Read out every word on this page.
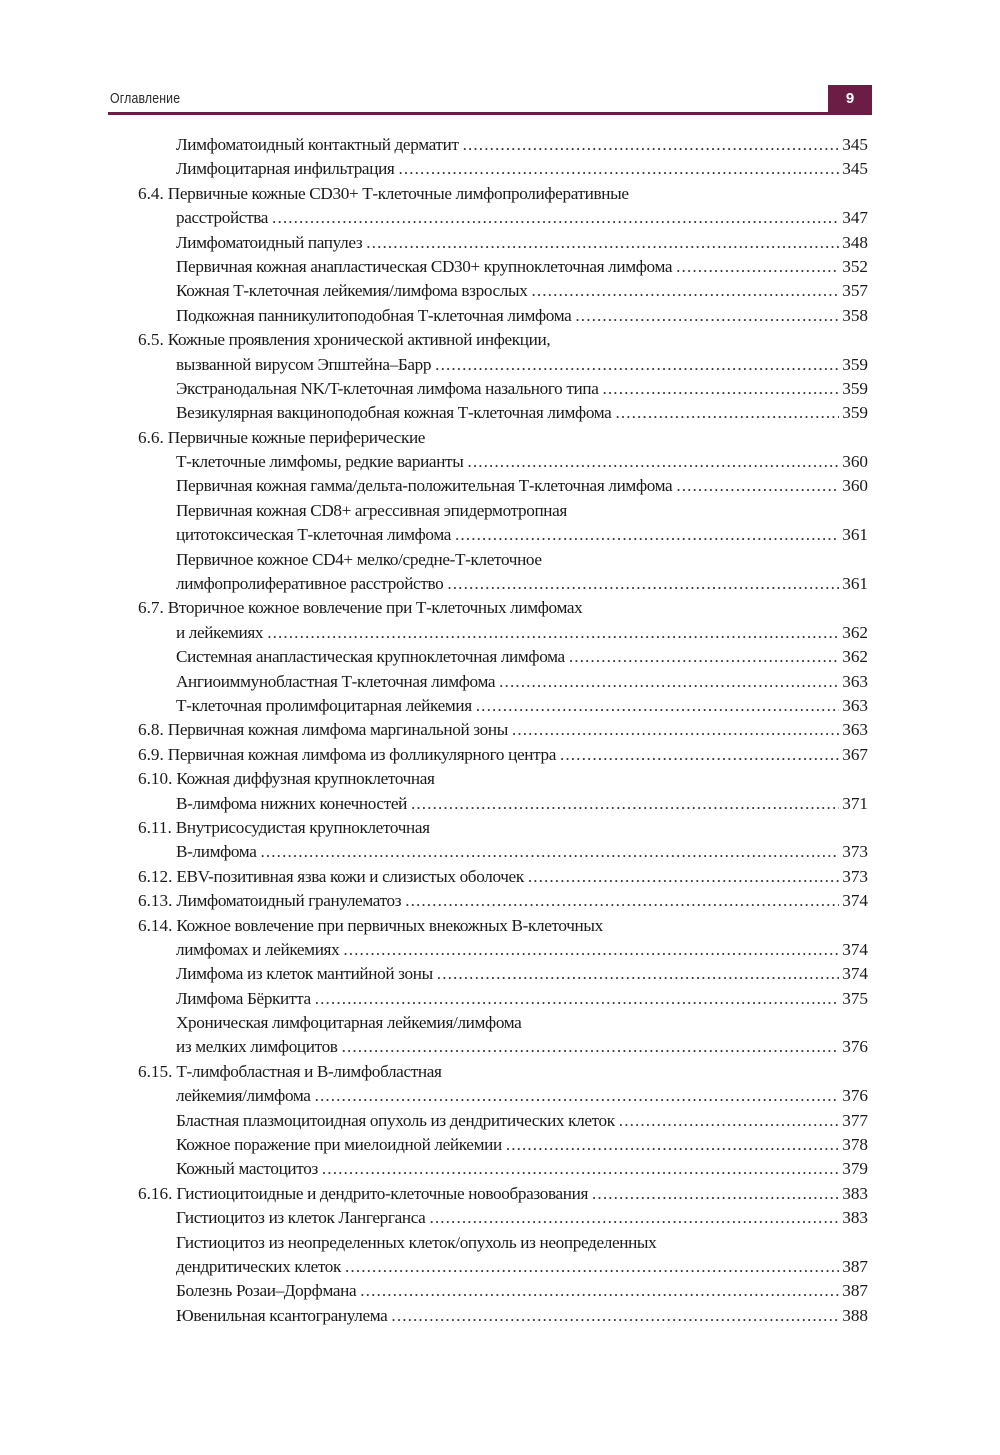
Оглавление	9
Лимфоматоидный контактный дерматит .....	345
Лимфоцитарная инфильтрация .....	345
6.4. Первичные кожные CD30+ Т-клеточные лимфопролиферативные
расстройства .....	347
Лимфоматоидный папулез .....	348
Первичная кожная анапластическая CD30+ крупноклеточная лимфома .....	352
Кожная Т-клеточная лейкемия/лимфома взрослых .....	357
Подкожная панникулитоподобная Т-клеточная лимфома .....	358
6.5. Кожные проявления хронической активной инфекции,
вызванной вирусом Эпштейна–Барр .....	359
Экстранодальная NK/T-клеточная лимфома назального типа .....	359
Везикулярная вакциноподобная кожная Т-клеточная лимфома .....	359
6.6. Первичные кожные периферические
Т-клеточные лимфомы, редкие варианты .....	360
Первичная кожная гамма/дельта-положительная Т-клеточная лимфома .....	360
Первичная кожная CD8+ агрессивная эпидермотропная
цитотоксическая Т-клеточная лимфома .....	361
Первичное кожное CD4+ мелко/средне-Т-клеточное
лимфопролиферативное расстройство .....	361
6.7. Вторичное кожное вовлечение при Т-клеточных лимфомах
и лейкемиях .....	362
Системная анапластическая крупноклеточная лимфома .....	362
Ангиоиммунобластная Т-клеточная лимфома .....	363
Т-клеточная пролимфоцитарная лейкемия .....	363
6.8. Первичная кожная лимфома маргинальной зоны .....	363
6.9. Первичная кожная лимфома из фолликулярного центра .....	367
6.10. Кожная диффузная крупноклеточная
В-лимфома нижних конечностей .....	371
6.11. Внутрисосудистая крупноклеточная
В-лимфома .....	373
6.12. EBV-позитивная язва кожи и слизистых оболочек .....	373
6.13. Лимфоматоидный гранулематоз .....	374
6.14. Кожное вовлечение при первичных внекожных В-клеточных
лимфомах и лейкемиях .....	374
Лимфома из клеток мантийной зоны .....	374
Лимфома Бёркитта .....	375
Хроническая лимфоцитарная лейкемия/лимфома
из мелких лимфоцитов .....	376
6.15. Т-лимфобластная и В-лимфобластная
лейкемия/лимфома .....	376
Бластная плазмоцитоидная опухоль из дендритических клеток .....	377
Кожное поражение при миелоидной лейкемии .....	378
Кожный мастоцитоз .....	379
6.16. Гистиоцитоидные и дендрито-клеточные новообразования .....	383
Гистиоцитоз из клеток Лангерганса .....	383
Гистиоцитоз из неопределенных клеток/опухоль из неопределенных
дендритических клеток .....	387
Болезнь Розаи–Дорфмана .....	387
Ювенильная ксантогранулема .....	388
